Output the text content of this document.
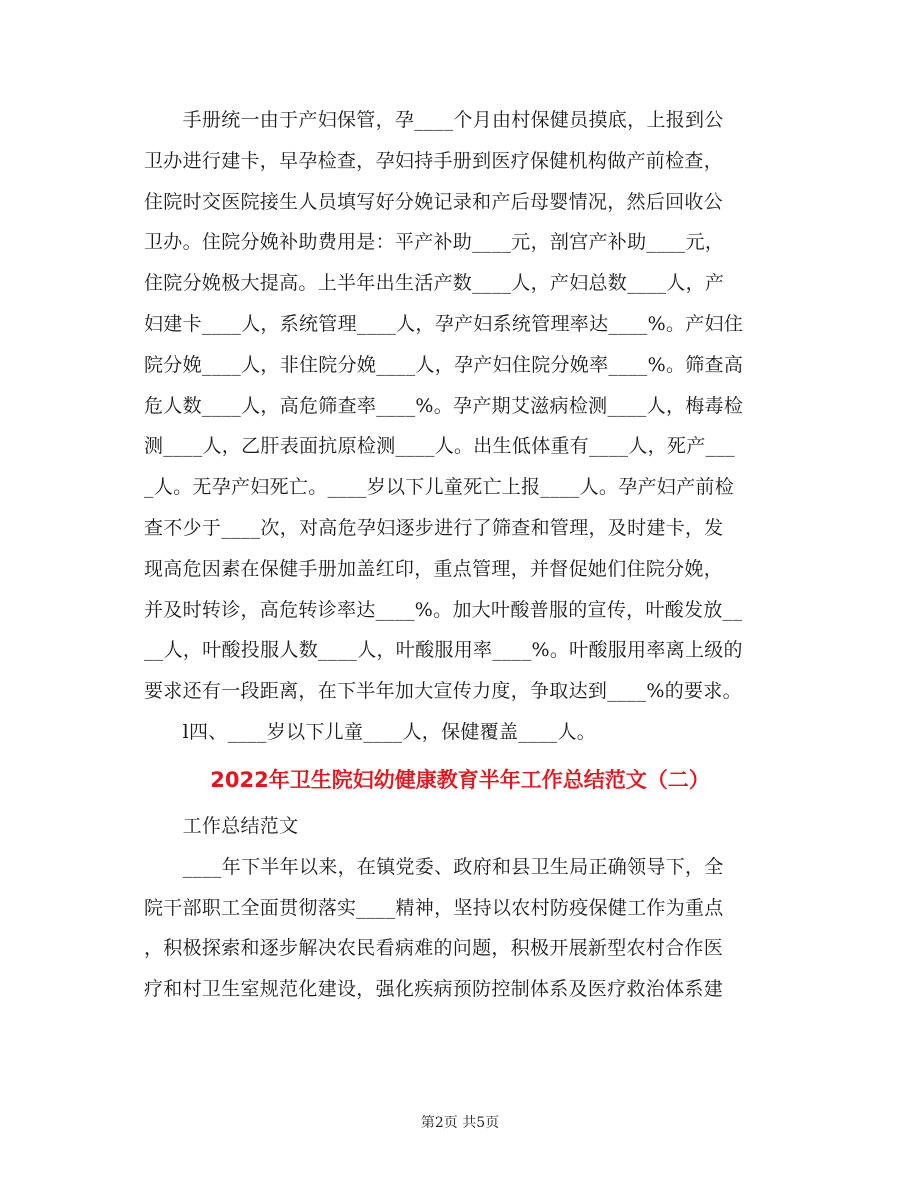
　　手册统一由于产妇保管，孕____个月由村保健员摸底，上报到公
卫办进行建卡，早孕检查，孕妇持手册到医疗保健机构做产前检查，
住院时交医院接生人员填写好分娩记录和产后母婴情况，然后回收公
卫办。住院分娩补助费用是：平产补助____元，剖宫产补助____元，
住院分娩极大提高。上半年出生活产数____人，产妇总数____人，产
妇建卡____人，系统管理____人，孕产妇系统管理率达____%。产妇住
院分娩____人，非住院分娩____人，孕产妇住院分娩率____%。筛查高
危人数____人，高危筛查率____%。孕产期艾滋病检测____人，梅毒检
测____人，乙肝表面抗原检测____人。出生低体重有____人，死产___
_人。无孕产妇死亡。____岁以下儿童死亡上报____人。孕产妇产前检
查不少于____次，对高危孕妇逐步进行了筛查和管理，及时建卡，发
现高危因素在保健手册加盖红印，重点管理，并督促她们住院分娩，
并及时转诊，高危转诊率达____%。加大叶酸普服的宣传，叶酸发放__
__人，叶酸投服人数____人，叶酸服用率____%。叶酸服用率离上级的
要求还有一段距离，在下半年加大宣传力度，争取达到____%的要求。
　　l四、____岁以下儿童____人，保健覆盖____人。
2022年卫生院妇幼健康教育半年工作总结范文（二）
　　工作总结范文
　　____年下半年以来，在镇党委、政府和县卫生局正确领导下，全
院干部职工全面贯彻落实____精神，坚持以农村防疫保健工作为重点
，积极探索和逐步解决农民看病难的问题，积极开展新型农村合作医
疗和村卫生室规范化建设，强化疾病预防控制体系及医疗救治体系建
第2页 共5页
